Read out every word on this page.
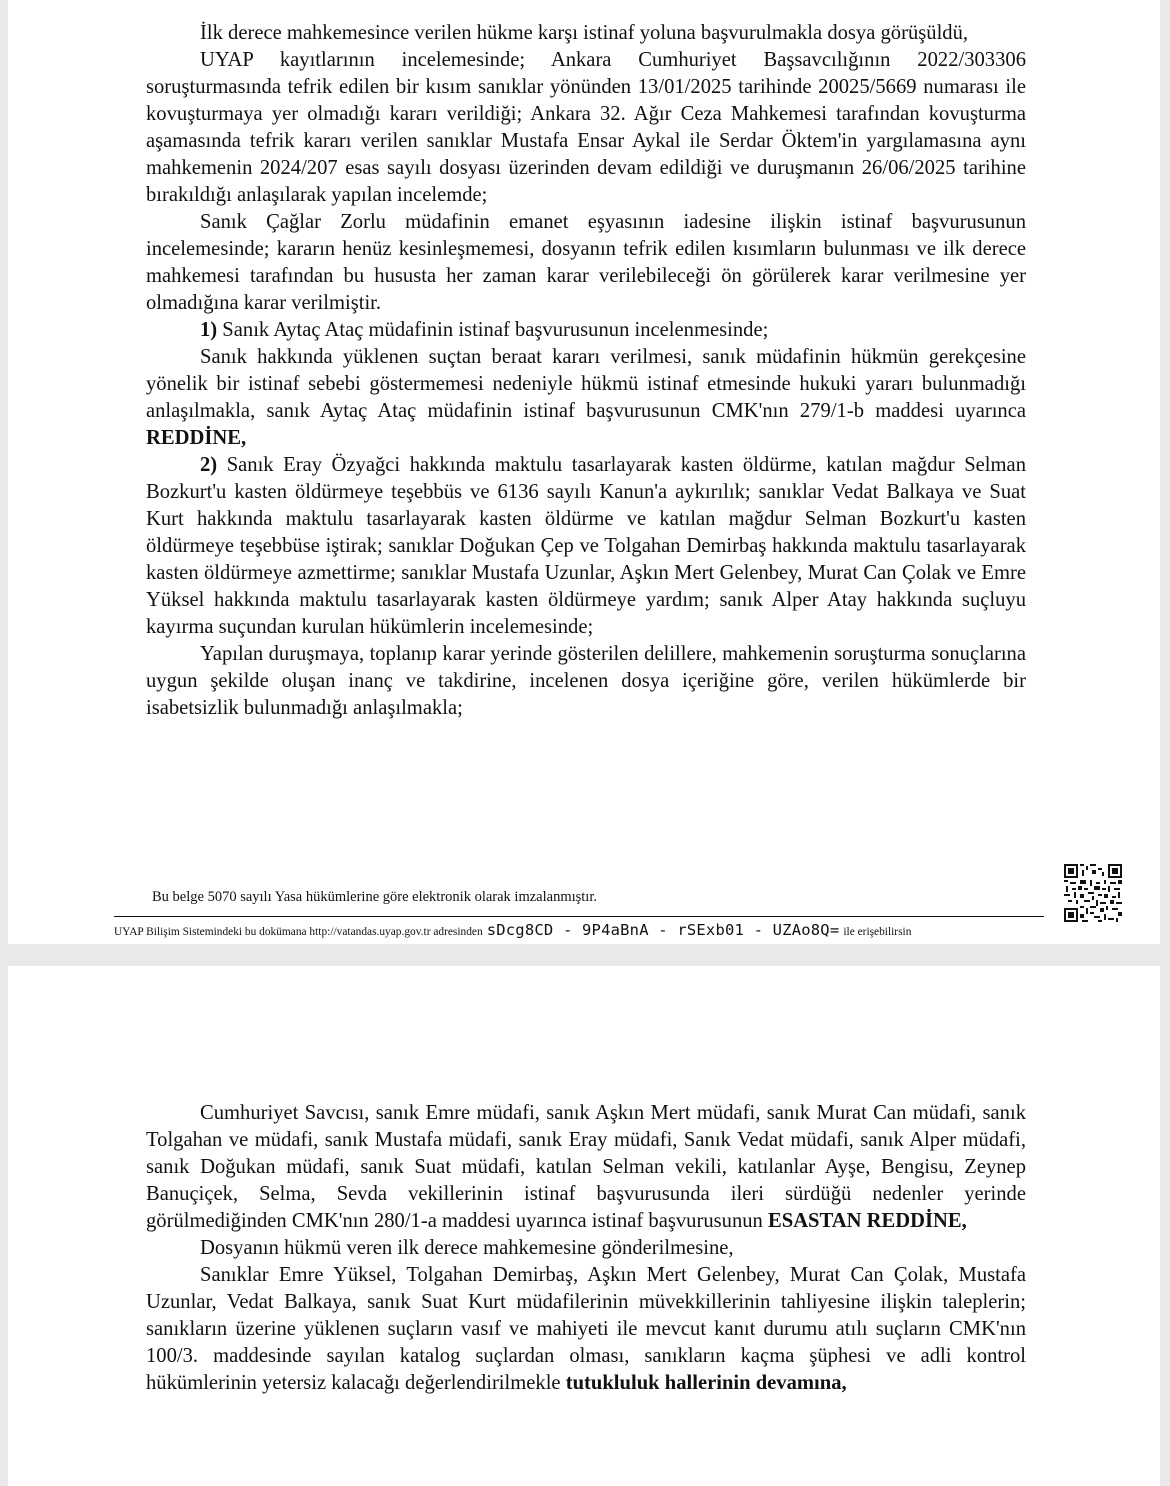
İlk derece mahkemesince verilen hükme karşı istinaf yoluna başvurulmakla dosya görüşüldü,

UYAP kayıtlarının incelemesinde; Ankara Cumhuriyet Başsavcılığının 2022/303306 soruşturmasında tefrik edilen bir kısım sanıklar yönünden 13/01/2025 tarihinde 20025/5669 numarası ile kovuşturmaya yer olmadığı kararı verildiği; Ankara 32. Ağır Ceza Mahkemesi tarafından kovuşturma aşamasında tefrik kararı verilen sanıklar Mustafa Ensar Aykal ile Serdar Öktem'in yargılamasına aynı mahkemenin 2024/207 esas sayılı dosyası üzerinden devam edildiği ve duruşmanın 26/06/2025 tarihine bırakıldığı anlaşılarak yapılan incelemde;

Sanık Çağlar Zorlu müdafinin emanet eşyasının iadesine ilişkin istinaf başvurusunun incelemesinde; kararın henüz kesinleşmemesi, dosyanın tefrik edilen kısımların bulunması ve ilk derece mahkemesi tarafından bu hususta her zaman karar verilebileceği ön görülerek karar verilmesine yer olmadığına karar verilmiştir.

1) Sanık Aytaç Ataç müdafinin istinaf başvurusunun incelenmesinde;

Sanık hakkında yüklenen suçtan beraat kararı verilmesi, sanık müdafinin hükmün gerekçesine yönelik bir istinaf sebebi göstermemesi nedeniyle hükmü istinaf etmesinde hukuki yararı bulunmadığı anlaşılmakla, sanık Aytaç Ataç müdafinin istinaf başvurusunun CMK'nın 279/1-b maddesi uyarınca REDDİNE,

2) Sanık Eray Özyağci hakkında maktulu tasarlayarak kasten öldürme, katılan mağdur Selman Bozkurt'u kasten öldürmeye teşebbüs ve 6136 sayılı Kanun'a aykırılık; sanıklar Vedat Balkaya ve Suat Kurt hakkında maktulu tasarlayarak kasten öldürme ve katılan mağdur Selman Bozkurt'u kasten öldürmeye teşebbüse iştirak; sanıklar Doğukan Çep ve Tolgahan Demirbaş hakkında maktulu tasarlayarak kasten öldürmeye azmettirme; sanıklar Mustafa Uzunlar, Aşkın Mert Gelenbey, Murat Can Çolak ve Emre Yüksel hakkında maktulu tasarlayarak kasten öldürmeye yardım; sanık Alper Atay hakkında suçluyu kayırma suçundan kurulan hükümlerin incelemesinde;

Yapılan duruşmaya, toplanıp karar yerinde gösterilen delillere, mahkemenin soruşturma sonuçlarına uygun şekilde oluşan inanç ve takdirine, incelenen dosya içeriğine göre, verilen hükümlerde bir isabetsizlik bulunmadığı anlaşılmakla;

Bu belge 5070 sayılı Yasa hükümlerine göre elektronik olarak imzalanmıştır.
UYAP Bilişim Sistemindeki bu dokümana http://vatandas.uyap.gov.tr adresinden sDcg8CD - 9P4aBnA - rSExb01 - UZAo8Q= ile erişebilirsin

Cumhuriyet Savcısı, sanık Emre müdafi, sanık Aşkın Mert müdafi, sanık Murat Can müdafi, sanık Tolgahan ve müdafi, sanık Mustafa müdafi, sanık Eray müdafi, Sanık Vedat müdafi, sanık Alper müdafi, sanık Doğukan müdafi, sanık Suat müdafi, katılan Selman vekili, katılanlar Ayşe, Bengisu, Zeynep Banuçiçek, Selma, Sevda vekillerinin istinaf başvurusunda ileri sürdüğü nedenler yerinde görülmediğinden CMK'nın 280/1-a maddesi uyarınca istinaf başvurusunun ESASTAN REDDİNE,

Dosyanın hükmü veren ilk derece mahkemesine gönderilmesine,

Sanıklar Emre Yüksel, Tolgahan Demirbaş, Aşkın Mert Gelenbey, Murat Can Çolak, Mustafa Uzunlar, Vedat Balkaya, sanık Suat Kurt müdafilerinin müvekkillerinin tahliyesine ilişkin taleplerin; sanıkların üzerine yüklenen suçların vasıf ve mahiyeti ile mevcut kanıt durumu atılı suçların CMK'nın 100/3. maddesinde sayılan katalog suçlardan olması, sanıkların kaçma şüphesi ve adli kontrol hükümlerinin yetersiz kalacağı değerlendirilmekle tutukluluk hallerinin devamına,
